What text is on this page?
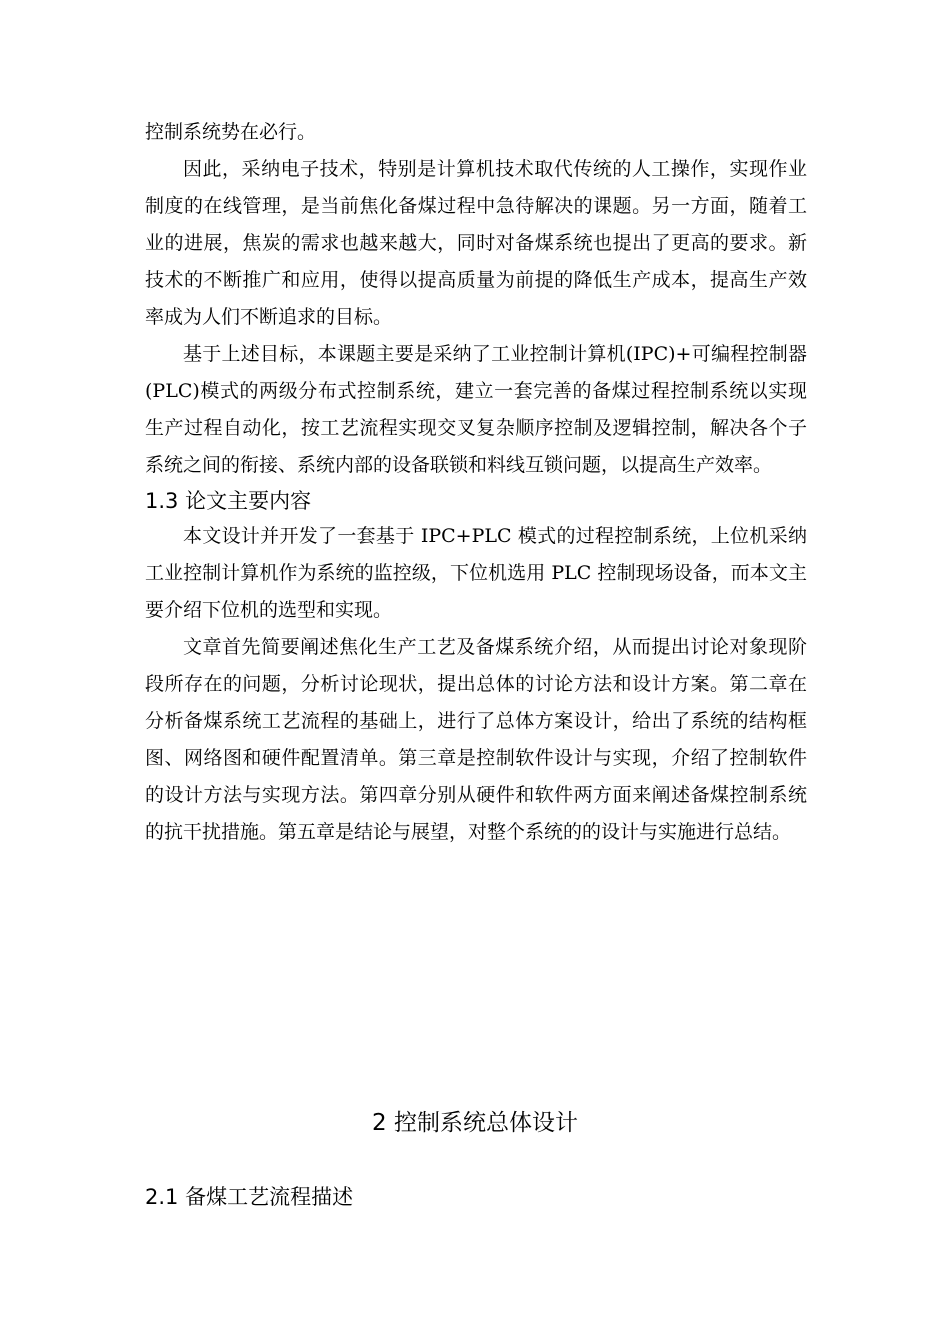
控制系统势在必行。

因此，采纳电子技术，特别是计算机技术取代传统的人工操作，实现作业制度的在线管理，是当前焦化备煤过程中急待解决的课题。另一方面，随着工业的进展，焦炭的需求也越来越大，同时对备煤系统也提出了更高的要求。新技术的不断推广和应用，使得以提高质量为前提的降低生产成本，提高生产效率成为人们不断追求的目标。

基于上述目标，本课题主要是采纳了工业控制计算机(IPC)+可编程控制器(PLC)模式的两级分布式控制系统，建立一套完善的备煤过程控制系统以实现生产过程自动化，按工艺流程实现交叉复杂顺序控制及逻辑控制，解决各个子系统之间的衔接、系统内部的设备联锁和料线互锁问题，以提高生产效率。

1.3 论文主要内容

本文设计并开发了一套基于 IPC+PLC 模式的过程控制系统，上位机采纳工业控制计算机作为系统的监控级，下位机选用 PLC 控制现场设备，而本文主要介绍下位机的选型和实现。

文章首先简要阐述焦化生产工艺及备煤系统介绍，从而提出讨论对象现阶段所存在的问题，分析讨论现状，提出总体的讨论方法和设计方案。第二章在分析备煤系统工艺流程的基础上，进行了总体方案设计，给出了系统的结构框图、网络图和硬件配置清单。第三章是控制软件设计与实现，介绍了控制软件的设计方法与实现方法。第四章分别从硬件和软件两方面来阐述备煤控制系统的抗干扰措施。第五章是结论与展望，对整个系统的的设计与实施进行总结。

2 控制系统总体设计
2.1 备煤工艺流程描述
